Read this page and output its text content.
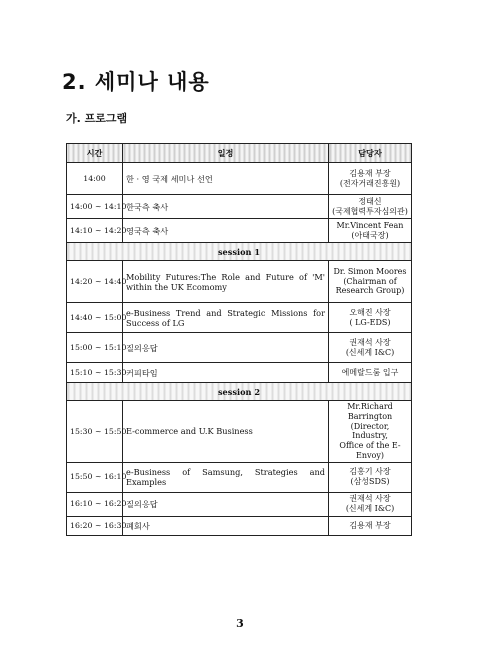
2. 세미나 내용
가. 프로그램
시간	일정	담당자
14:00	한 · 영 국제 세미나 선언	김용재 부장
(전자거래진흥원)

14:00 ~ 14:10	한국측 축사	정태신
(국제협력투자심의관)

14:10 ~ 14:20	영국측 축사	Mr.Vincent Fean
(아태국장)

session 1		
14:20 ~ 14:40	Mobility Futures:The Role and Future of 'M' within the UK Ecomomy	Dr. Simon Moores
(Chairman of
Research Group)

14:40 ~ 15:00	e-Business Trend and Strategic Missions for Success of LG	오해진 사장
( LG-EDS)

15:00 ~ 15:10	질의응답	권재석 사장
(신세계 I&C)

15:10 ~ 15:30	커피타임	에메랄드룸 입구

session 2		
15:30 ~ 15:50	E-commerce and U.K Business	Mr.Richard Barrington
(Director, Industry,
Office of the E-Envoy)

15:50 ~ 16:10	e-Business of Samsung, Strategies and Examples	김홍기 사장
(삼성SDS)

16:10 ~ 16:20	질의응답	권재석 사장
(신세계 I&C)

16:20 ~ 16:30	폐회사	김용재 부장
3
